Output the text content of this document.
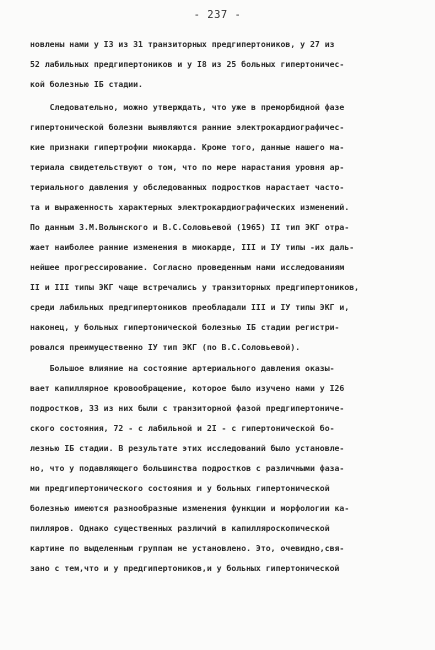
- 237 -
новлены нами у I3 из 31 транзиторных предгипертоников, у 27 из
52 лабильных предгипертоников и у I8 из 25 больных гипертоничес-
кой болезнью IБ стадии.
Следовательно, можно утверждать, что уже в преморбидной фазе
гипертонической болезни выявляются ранние электрокардиографичес-
кие признаки гипертрофии миокарда. Кроме того, данные нашего ма-
териала свидетельствуют о том, что по мере нарастания уровня ар-
териального давления у обследованных подростков нарастает часто-
та и выраженность характерных электрокардиографических изменений.
По данным З.М.Волынского и В.С.Соловьевой (1965) II тип ЭКГ отра-
жает наиболее ранние изменения в миокарде, III и IУ типы -их даль-
нейшее прогрессирование. Согласно проведенным нами исследованиям
II и III типы ЭКГ чаще встречались у транзиторных предгипертоников,
среди лабильных предгипертоников преобладали III и IУ типы ЭКГ и,
наконец, у больных гипертонической болезнью IБ стадии регистри-
ровался преимущественно IУ тип ЭКГ (по В.С.Соловьевой).
Большое влияние на состояние артериального давления оказы-
вает капиллярное кровообращение, которое было изучено нами у I26
подростков, 33 из них были с транзиторной фазой предгипертониче-
ского состояния, 72 - с лабильной и 2I - с гипертонической бо-
лезнью IБ стадии. В результате этих исследований было установле-
но, что у подавляющего большинства подростков с различными фаза-
ми предгипертонического состояния и у больных гипертонической
болезнью имеются разнообразные изменения функции и морфологии ка-
пилляров. Однако существенных различий в капилляроскопической
картине по выделенным группам не установлено. Это, очевидно,свя-
зано с тем,что и у предгипертоников,и у больных гипертонической
